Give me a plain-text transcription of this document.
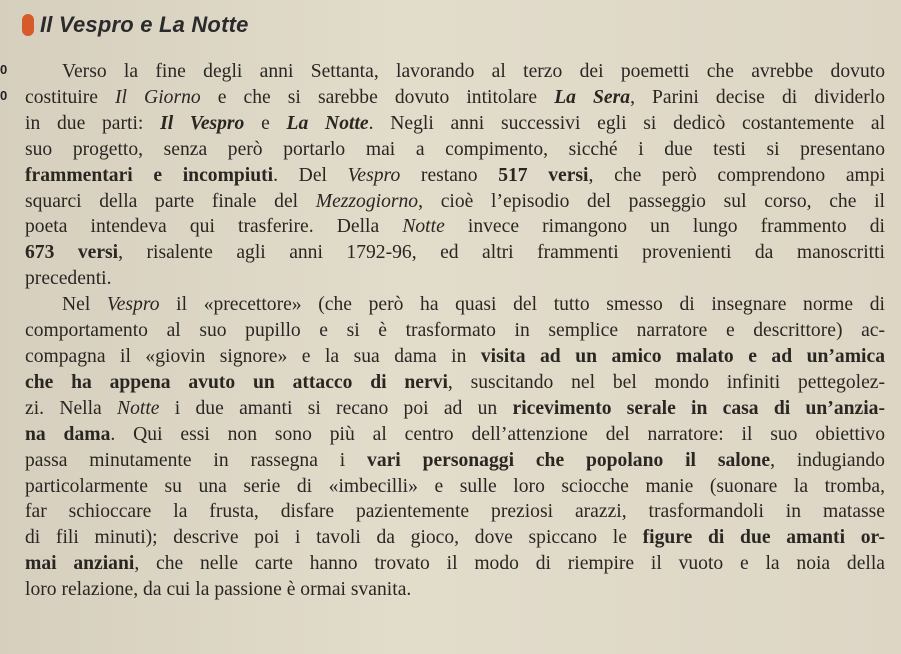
Il Vespro e La Notte
0
0
Verso la fine degli anni Settanta, lavorando al terzo dei poemetti che avrebbe dovuto
costituire Il Giorno e che si sarebbe dovuto intitolare La Sera, Parini decise di dividerlo
in due parti: Il Vespro e La Notte. Negli anni successivi egli si dedicò costantemente al
suo progetto, senza però portarlo mai a compimento, sicché i due testi si presentano
frammentari e incompiuti. Del Vespro restano 517 versi, che però comprendono ampi
squarci della parte finale del Mezzogiorno, cioè l’episodio del passeggio sul corso, che il
poeta intendeva qui trasferire. Della Notte invece rimangono un lungo frammento di
673 versi, risalente agli anni 1792-96, ed altri frammenti provenienti da manoscritti
precedenti.
Nel Vespro il «precettore» (che però ha quasi del tutto smesso di insegnare norme di
comportamento al suo pupillo e si è trasformato in semplice narratore e descrittore) ac-
compagna il «giovin signore» e la sua dama in visita ad un amico malato e ad un’amica
che ha appena avuto un attacco di nervi, suscitando nel bel mondo infiniti pettegolez-
zi. Nella Notte i due amanti si recano poi ad un ricevimento serale in casa di un’anzia-
na dama. Qui essi non sono più al centro dell’attenzione del narratore: il suo obiettivo
passa minutamente in rassegna i vari personaggi che popolano il salone, indugiando
particolarmente su una serie di «imbecilli» e sulle loro sciocche manie (suonare la tromba,
far schioccare la frusta, disfare pazientemente preziosi arazzi, trasformandoli in matasse
di fili minuti); descrive poi i tavoli da gioco, dove spiccano le figure di due amanti or-
mai anziani, che nelle carte hanno trovato il modo di riempire il vuoto e la noia della
loro relazione, da cui la passione è ormai svanita.
